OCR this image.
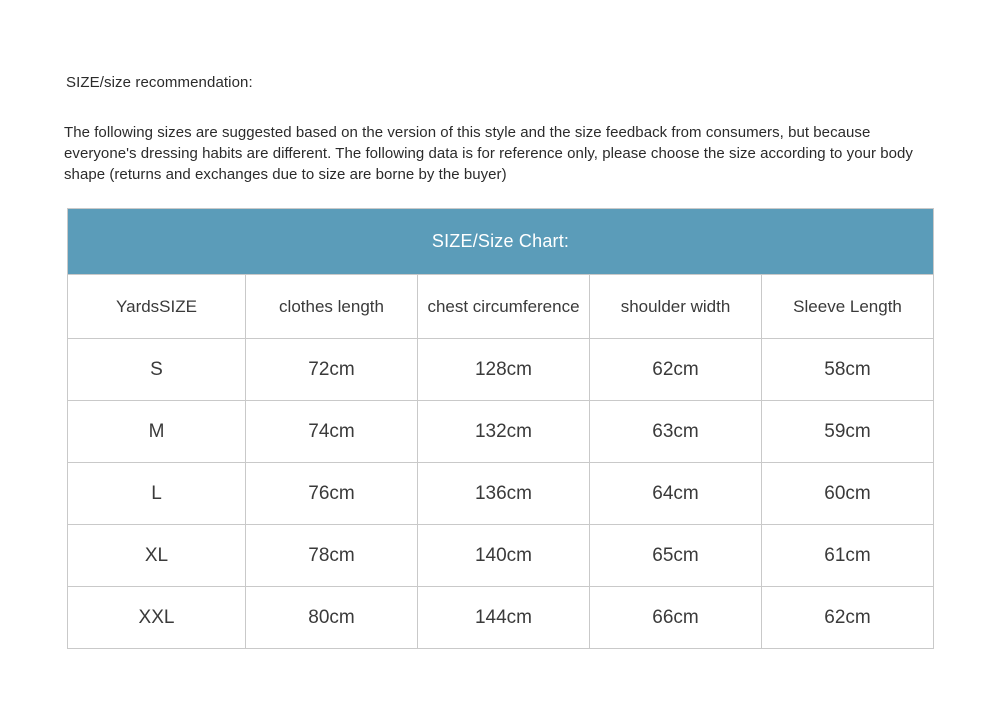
SIZE/size recommendation:
The following sizes are suggested based on the version of this style and the size feedback from consumers, but because everyone's dressing habits are different. The following data is for reference only, please choose the size according to your body shape (returns and exchanges due to size are borne by the buyer)
SIZE/Size Chart:				
YardsSIZE	clothes length	chest circumference	shoulder width	Sleeve Length
S	72cm	128cm	62cm	58cm
M	74cm	132cm	63cm	59cm
L	76cm	136cm	64cm	60cm
XL	78cm	140cm	65cm	61cm
XXL	80cm	144cm	66cm	62cm
